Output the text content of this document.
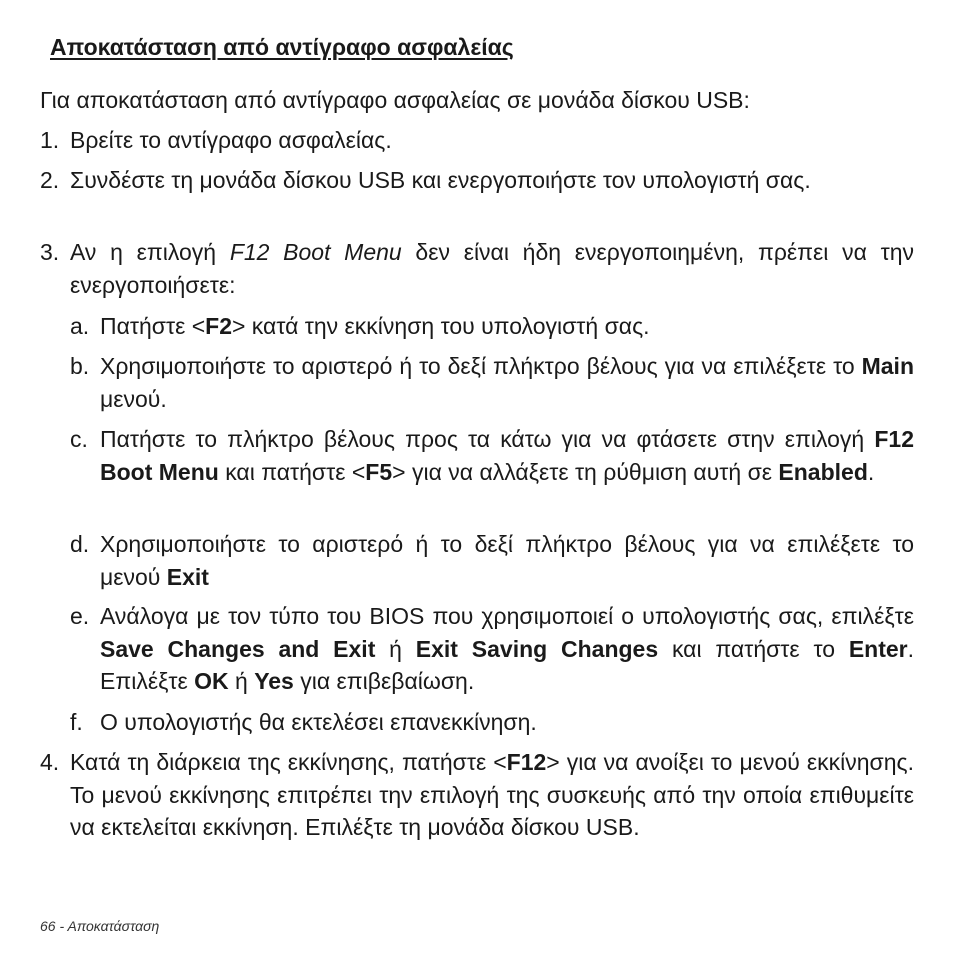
Αποκατάσταση από αντίγραφο ασφαλείας
Για αποκατάσταση από αντίγραφο ασφαλείας σε μονάδα δίσκου USB:
1. Βρείτε το αντίγραφο ασφαλείας.
2. Συνδέστε τη μονάδα δίσκου USB και ενεργοποιήστε τον υπολογιστή σας.
3. Αν η επιλογή F12 Boot Menu δεν είναι ήδη ενεργοποιημένη, πρέπει να την ενεργοποιήσετε:
a. Πατήστε <F2> κατά την εκκίνηση του υπολογιστή σας.
b. Χρησιμοποιήστε το αριστερό ή το δεξί πλήκτρο βέλους για να επιλέξετε το Main μενού.
c. Πατήστε το πλήκτρο βέλους προς τα κάτω για να φτάσετε στην επιλογή F12 Boot Menu και πατήστε <F5> για να αλλάξετε τη ρύθμιση αυτή σε Enabled.
d. Χρησιμοποιήστε το αριστερό ή το δεξί πλήκτρο βέλους για να επιλέξετε το μενού Exit
e. Ανάλογα με τον τύπο του BIOS που χρησιμοποιεί ο υπολογιστής σας, επιλέξτε Save Changes and Exit ή Exit Saving Changes και πατήστε το Enter. Επιλέξτε OK ή Yes για επιβεβαίωση.
f. Ο υπολογιστής θα εκτελέσει επανεκκίνηση.
4. Κατά τη διάρκεια της εκκίνησης, πατήστε <F12> για να ανοίξει το μενού εκκίνησης. Το μενού εκκίνησης επιτρέπει την επιλογή της συσκευής από την οποία επιθυμείτε να εκτελείται εκκίνηση. Επιλέξτε τη μονάδα δίσκου USB.
66 - Αποκατάσταση
